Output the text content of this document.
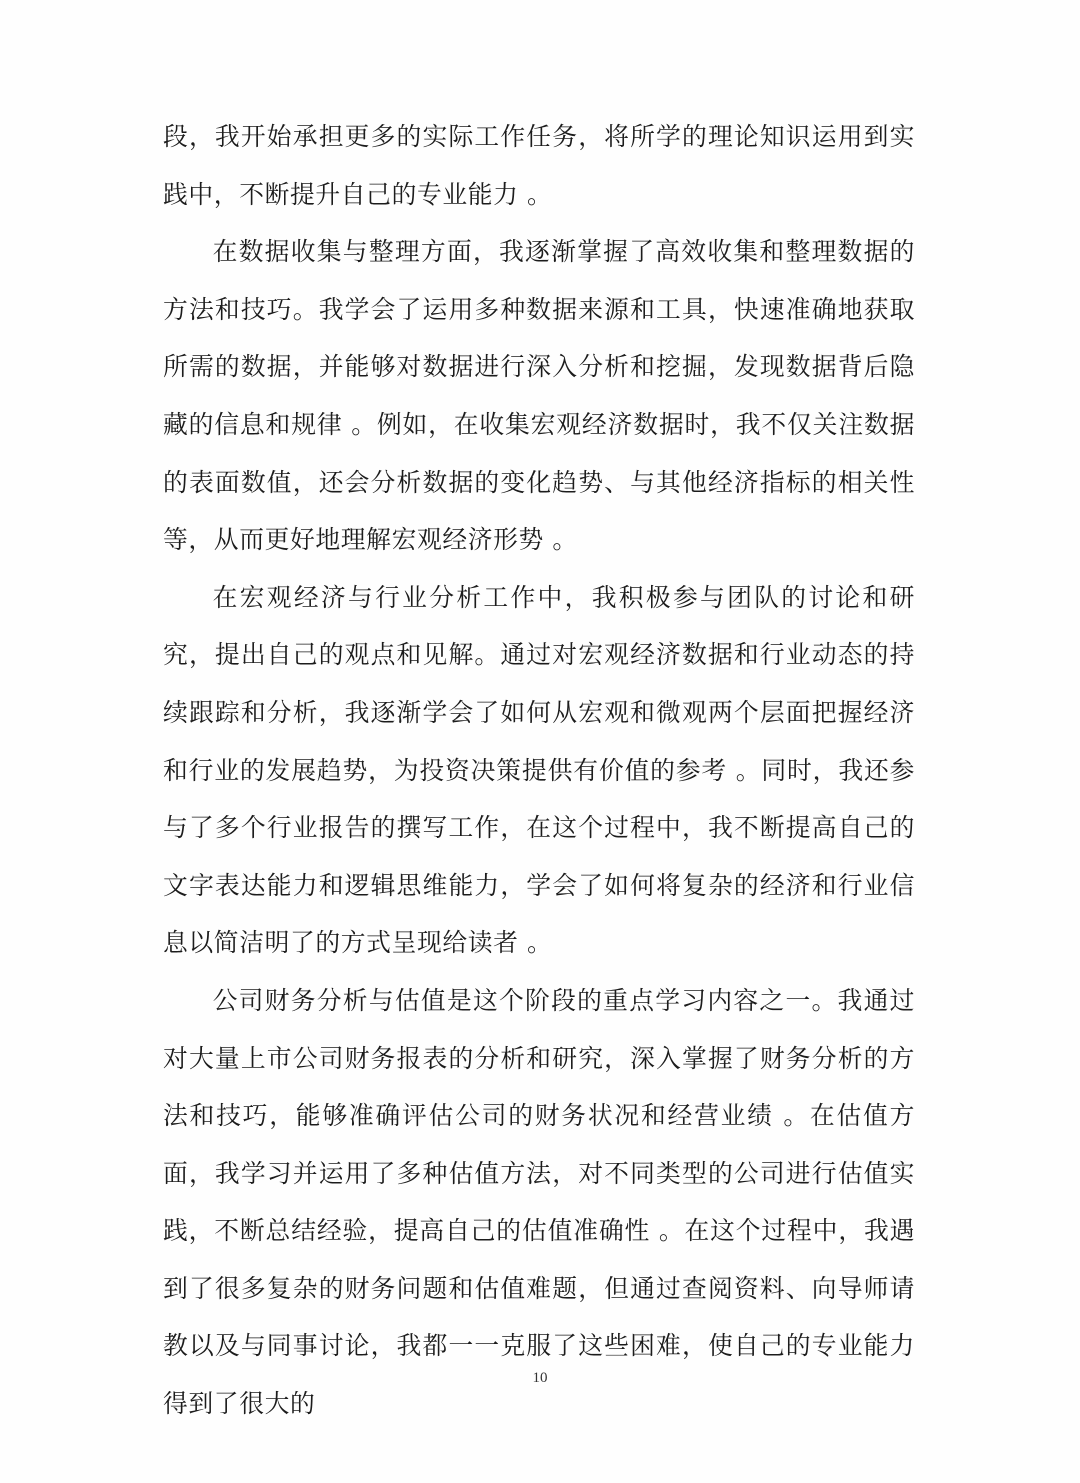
段，我开始承担更多的实际工作任务，将所学的理论知识运用到实践中，不断提升自己的专业能力 。

在数据收集与整理方面，我逐渐掌握了高效收集和整理数据的方法和技巧。我学会了运用多种数据来源和工具，快速准确地获取所需的数据，并能够对数据进行深入分析和挖掘，发现数据背后隐藏的信息和规律 。例如，在收集宏观经济数据时，我不仅关注数据的表面数值，还会分析数据的变化趋势、与其他经济指标的相关性等，从而更好地理解宏观经济形势 。

在宏观经济与行业分析工作中，我积极参与团队的讨论和研究，提出自己的观点和见解。通过对宏观经济数据和行业动态的持续跟踪和分析，我逐渐学会了如何从宏观和微观两个层面把握经济和行业的发展趋势，为投资决策提供有价值的参考 。同时，我还参与了多个行业报告的撰写工作，在这个过程中，我不断提高自己的文字表达能力和逻辑思维能力，学会了如何将复杂的经济和行业信息以简洁明了的方式呈现给读者 。

公司财务分析与估值是这个阶段的重点学习内容之一。我通过对大量上市公司财务报表的分析和研究，深入掌握了财务分析的方法和技巧，能够准确评估公司的财务状况和经营业绩 。在估值方面，我学习并运用了多种估值方法，对不同类型的公司进行估值实践，不断总结经验，提高自己的估值准确性 。在这个过程中，我遇到了很多复杂的财务问题和估值难题，但通过查阅资料、向导师请教以及与同事讨论，我都一一克服了这些困难，使自己的专业能力得到了很大的

10
